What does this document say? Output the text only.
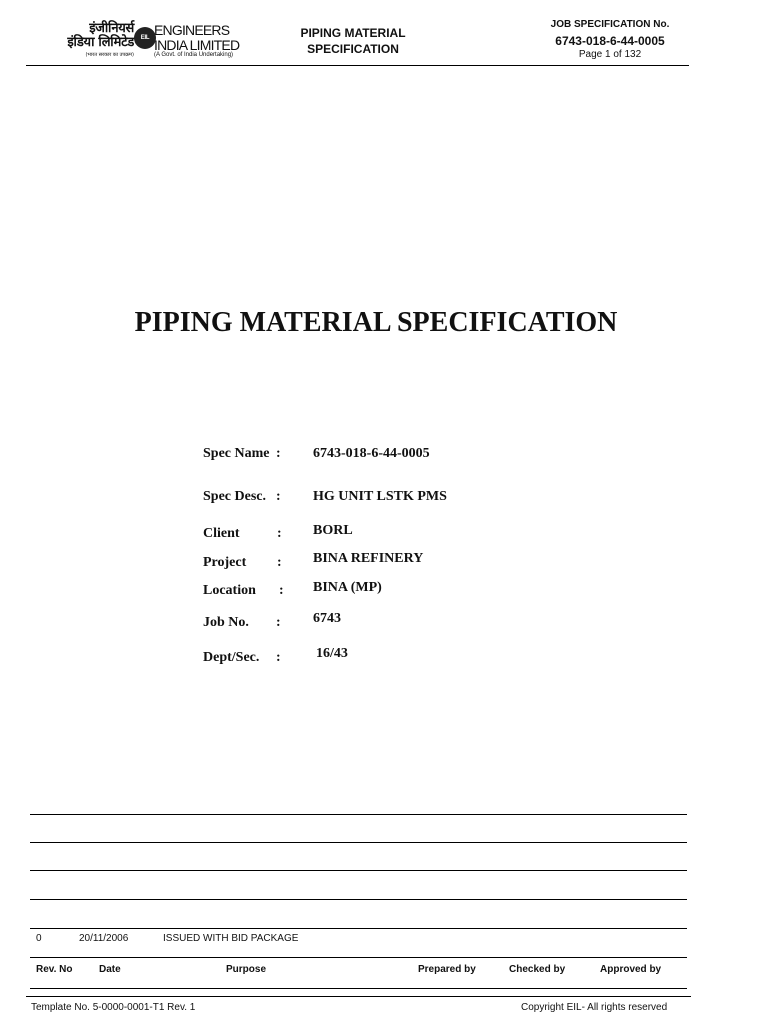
इंजीनियर्स
इंडिया लिमिटेड
(भारत सरकार का उपक्रम)
EIL ENGINEERS
INDIA LIMITED
(A Govt. of India Undertaking)
PIPING MATERIAL
SPECIFICATION
JOB SPECIFICATION No.
6743-018-6-44-0005
Page 1 of 132
PIPING MATERIAL SPECIFICATION
Spec Name : 6743-018-6-44-0005
Spec Desc. : HG UNIT LSTK PMS
Client	: BORL
Project : BINA REFINERY
Location : BINA (MP)
Job No. : 6743
Dept/Sec. :	16/43
0	20/11/2006	ISSUED WITH BID PACKAGE
Rev. No	Date	Purpose	Prepared by	Checked by	Approved by
Template No. 5-0000-0001-T1 Rev. 1	Copyright EIL- All rights reserved
